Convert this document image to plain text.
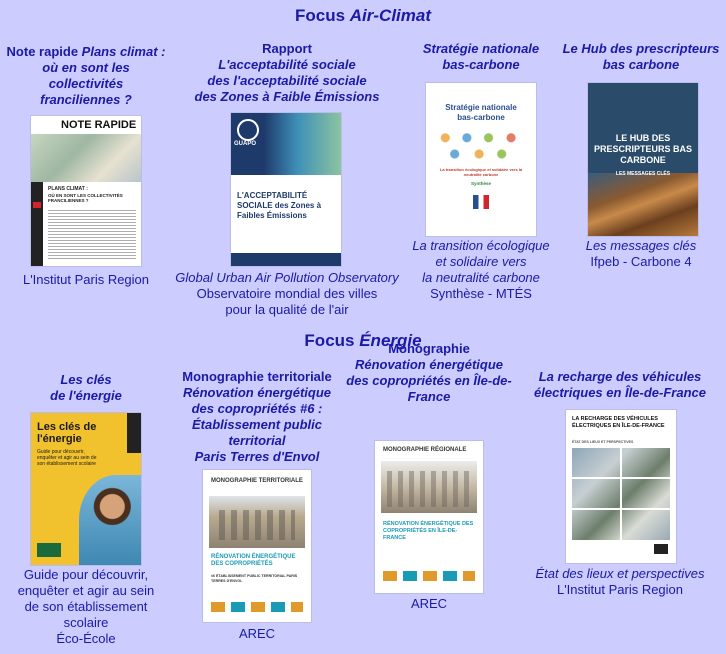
Focus Air-Climat
Note rapide Plans climat :
où en sont les
collectivités
franciliennes ?
NOTE RAPIDE
PLANS CLIMAT :
OÙ EN SONT LES COLLECTIVITÉS FRANCILIENNES ?
L'Institut Paris Region
Rapport
L'acceptabilité sociale
des l'acceptabilité sociale
des Zones à Faible Émissions
GUAPO
L'ACCEPTABILITÉ SOCIALE des Zones à Faibles Émissions
Global Urban Air Pollution Observatory
Observatoire mondial des villes
pour la qualité de l'air
Stratégie nationale
bas-carbone
Stratégie nationale
bas-carbone
La transition écologique et solidaire vers la neutralité carbone
Synthèse
La transition écologique
et solidaire vers
la neutralité carbone
Synthèse - MTÉS
Le Hub des prescripteurs
bas carbone
LE HUB DES PRESCRIPTEURS BAS CARBONE
LES MESSAGES CLÉS
Les messages clés
Ifpeb - Carbone 4
Focus Énergie
Les clés
de l'énergie
Les clés de l'énergie
Guide pour découvrir, enquêter et agir au sein de son établissement scolaire
Guide pour découvrir,
enquêter et agir au sein
de son établissement
scolaire
Éco-École
Monographie territoriale
Rénovation énergétique
des copropriétés #6 :
Établissement public
territorial
Paris Terres d'Envol
MONOGRAPHIE TERRITORIALE
RÉNOVATION ÉNERGÉTIQUE DES COPROPRIÉTÉS
#6 ÉTABLISSEMENT PUBLIC TERRITORIAL PARIS TERRES D'ENVOL
AREC
Monographie
Rénovation énergétique
des copropriétés en Île-de-
France
MONOGRAPHIE RÉGIONALE
RÉNOVATION ÉNERGÉTIQUE DES COPROPRIÉTÉS EN ÎLE-DE-FRANCE
AREC
La recharge des véhicules
électriques en Île-de-France
LA RECHARGE DES VÉHICULES ÉLECTRIQUES EN ÎLE-DE-FRANCE
ÉTAT DES LIEUX ET PERSPECTIVES
État des lieux et perspectives
L'Institut Paris Region
